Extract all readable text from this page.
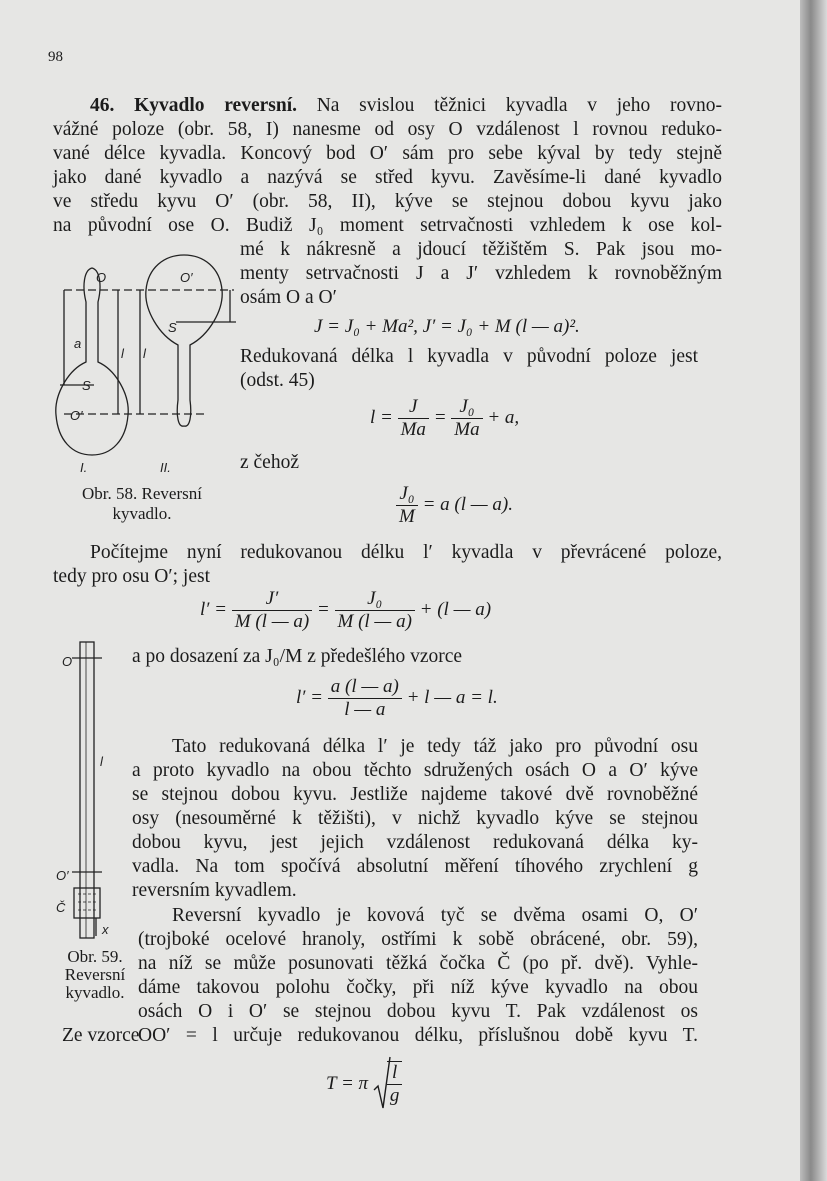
98
46. Kyvadlo reversní. Na svislou těžnici kyvadla v jeho rovno-
vážné poloze (obr. 58, I) nanesme od osy O vzdálenost l rovnou reduko-
vané délce kyvadla. Koncový bod O′ sám pro sebe kýval by tedy stejně
jako dané kyvadlo a nazývá se střed kyvu. Zavěsíme-li dané kyvadlo
ve středu kyvu O′ (obr. 58, II), kýve se stejnou dobou kyvu jako
na původní ose O. Budiž J₀ moment setrvačnosti vzhledem k ose kol-
mé k nákresně a jdoucí těžištěm S. Pak jsou mo-
menty setrvačnosti J a J′ vzhledem k rovnoběžným
osám O a O′
J = J₀ + Ma², J′ = J₀ + M (l — a)².
Redukovaná délka l kyvadla v původní poloze jest
(odst. 45)
$l = \frac{J}{Ma} = \frac{\text{J₀}}{Ma} + a$,
z čehož
$\frac{\text{J₀}}{M} = a$ (l — a).
a
l l
O
S
S
O′
O′
I.	II.
Obr. 58. Reversní
kyvadlo.
Počítejme nyní redukovanou délku l′ kyvadla v převrácené poloze,
tedy pro osu O′; jest
$l' = \frac{J'}{M (l — a)} = \frac{\text{J₀}}{M (l — a)} + (l$ — a)
a po dosazení za J₀/M z předešlého vzorce
$l' = \frac{a (l — a)}{l — a} + l$ — a = l.
Tato redukovaná délka l′ je tedy táž jako pro původní osu
a proto kyvadlo na obou těchto sdružených osách O a O′ kýve
se stejnou dobou kyvu. Jestliže najdeme takové dvě rovnoběžné
osy (nesouměrné k těžišti), v nichž kyvadlo kýve se stejnou
dobou kyvu, jest jejich vzdálenost redukovaná délka ky-
vadla. Na tom spočívá absolutní měření tíhového zrychlení g
reversním kyvadlem.
Reversní kyvadlo je kovová tyč se dvěma osami O, O′
(trojboké ocelové hranoly, ostřími k sobě obrácené, obr. 59),
na níž se může posunovati těžká čočka Č (po př. dvě). Vyhle-
dáme takovou polohu čočky, při níž kýve kyvadlo na obou
osách O i O′ se stejnou dobou kyvu T. Pak vzdálenost os
OO′ = l určuje redukovanou délku, příslušnou době kyvu T.
O
l
O′
Č
x
Obr. 59.
Reversní
kyvadlo.
Ze vzorce
T = π $\frac{l}{g}$
